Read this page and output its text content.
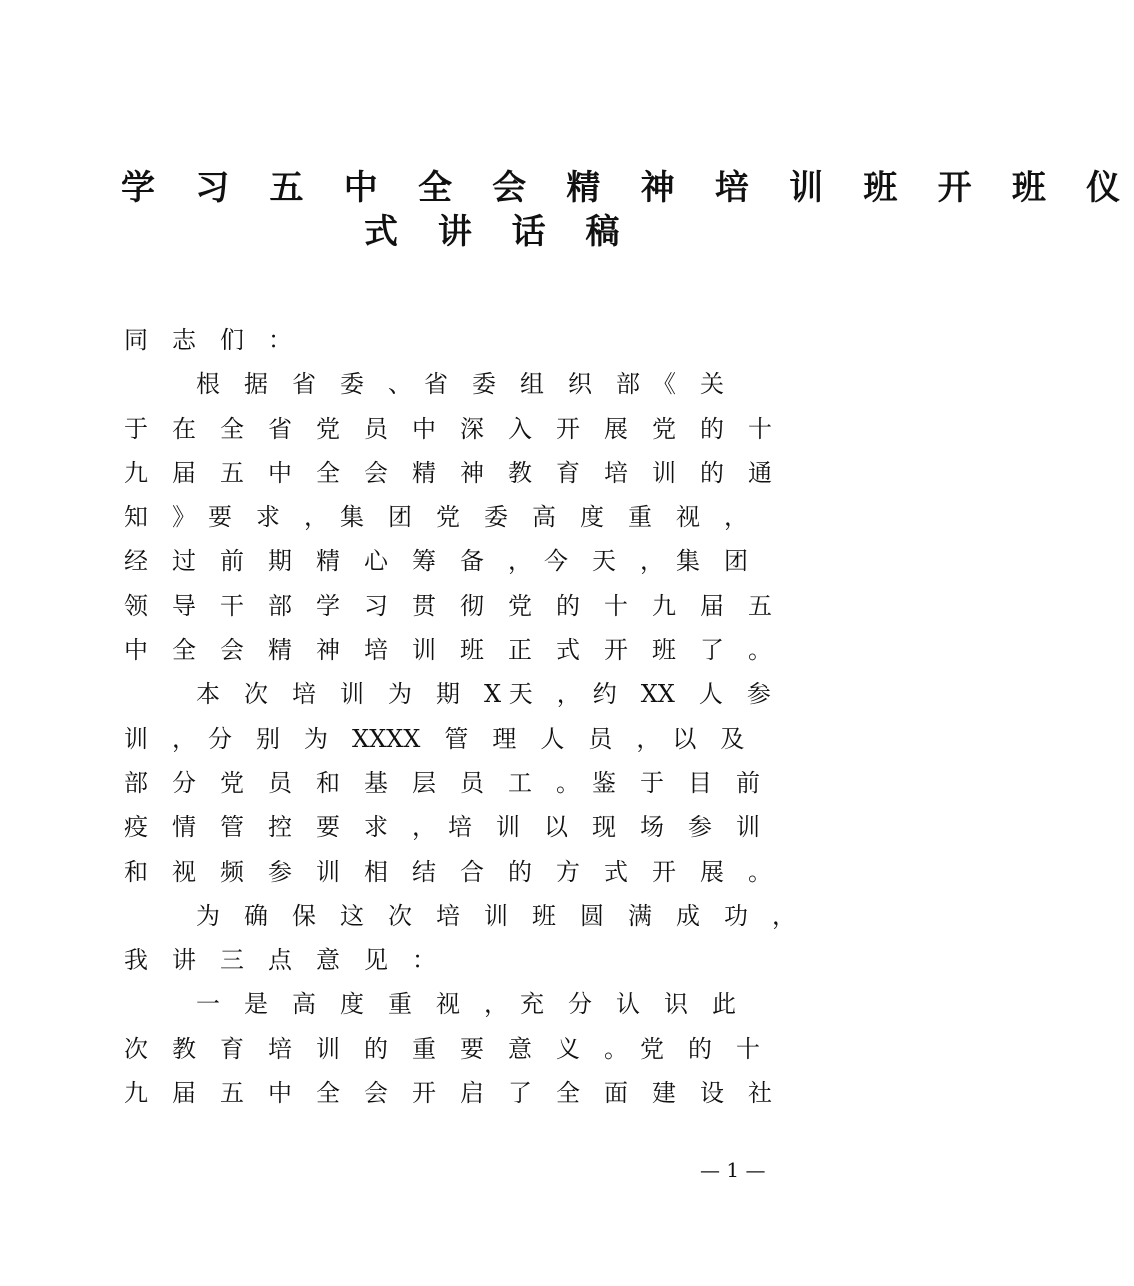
学 习 五 中 全 会 精 神 培 训 班 开 班 仪
式 讲 话 稿
同　志　们　：
根　据　省　委　、　省　委　组　织　部　《　关
于　在　全　省　党　员　中　深　入　开　展　党　的　十
九　届　五　中　全　会　精　神　教　育　培　训　的　通
知　》　要　求　，　集　团　党　委　高　度　重　视　，
经　过　前　期　精　心　筹　备　，　今　天　，　集　团
领　导　干　部　学　习　贯　彻　党　的　十　九　届　五
中　全　会　精　神　培　训　班　正　式　开　班　了　。
本　次　培　训　为　期　X 天　，　约　XX　人　参
训　，　分　别　为　XXXX　管　理　人　员　，　以　及
部　分　党　员　和　基　层　员　工　。　鉴　于　目　前
疫　情　管　控　要　求　，　培　训　以　现　场　参　训
和　视　频　参　训　相　结　合　的　方　式　开　展　。
为　确　保　这　次　培　训　班　圆　满　成　功　，
我　讲　三　点　意　见　：
一　是　高　度　重　视　，　充　分　认　识　此
次　教　育　培　训　的　重　要　意　义　。　党　的　十
九　届　五　中　全　会　开　启　了　全　面　建　设　社
— 1 —
